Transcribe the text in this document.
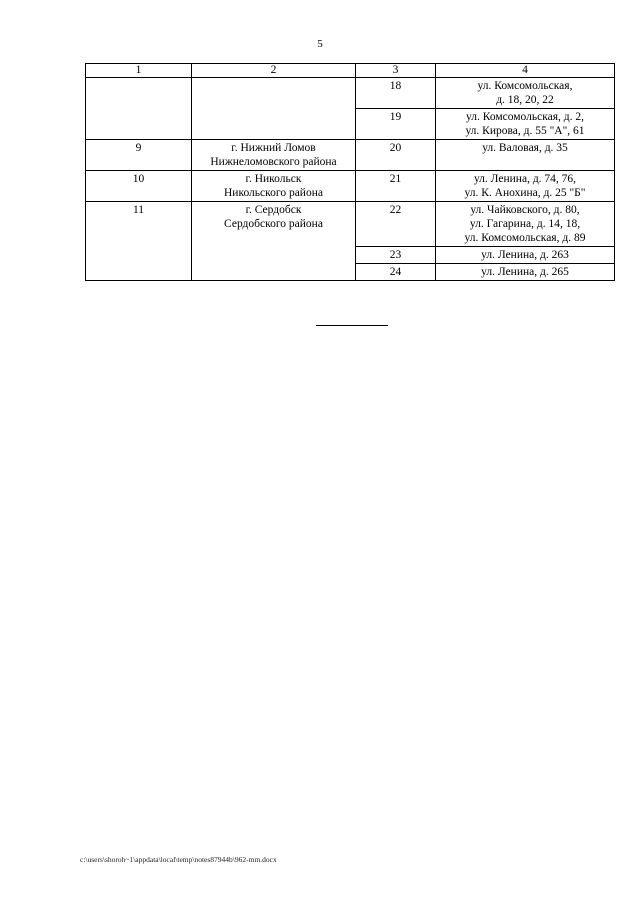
5
1	2	3	4
		18	ул. Комсомольская,
д. 18, 20, 22

		19	ул. Комсомольская, д. 2,
ул. Кирова, д. 55 "А", 61

9	г. Нижний Ломов
Нижнеломовского района	20	ул. Валовая, д. 35

10	г. Никольск
Никольского района	21	ул. Ленина, д. 74, 76,
ул. К. Анохина, д. 25 "Б"

11	г. Сердобск
Сердобского района	22	ул. Чайковского, д. 80,
ул. Гагарина, д. 14, 18,
ул. Комсомольская, д. 89

		23	ул. Ленина, д. 263

		24	ул. Ленина, д. 265
c:\users\shoroh~1\appdata\local\temp\notes87944b\962-mm.docx
